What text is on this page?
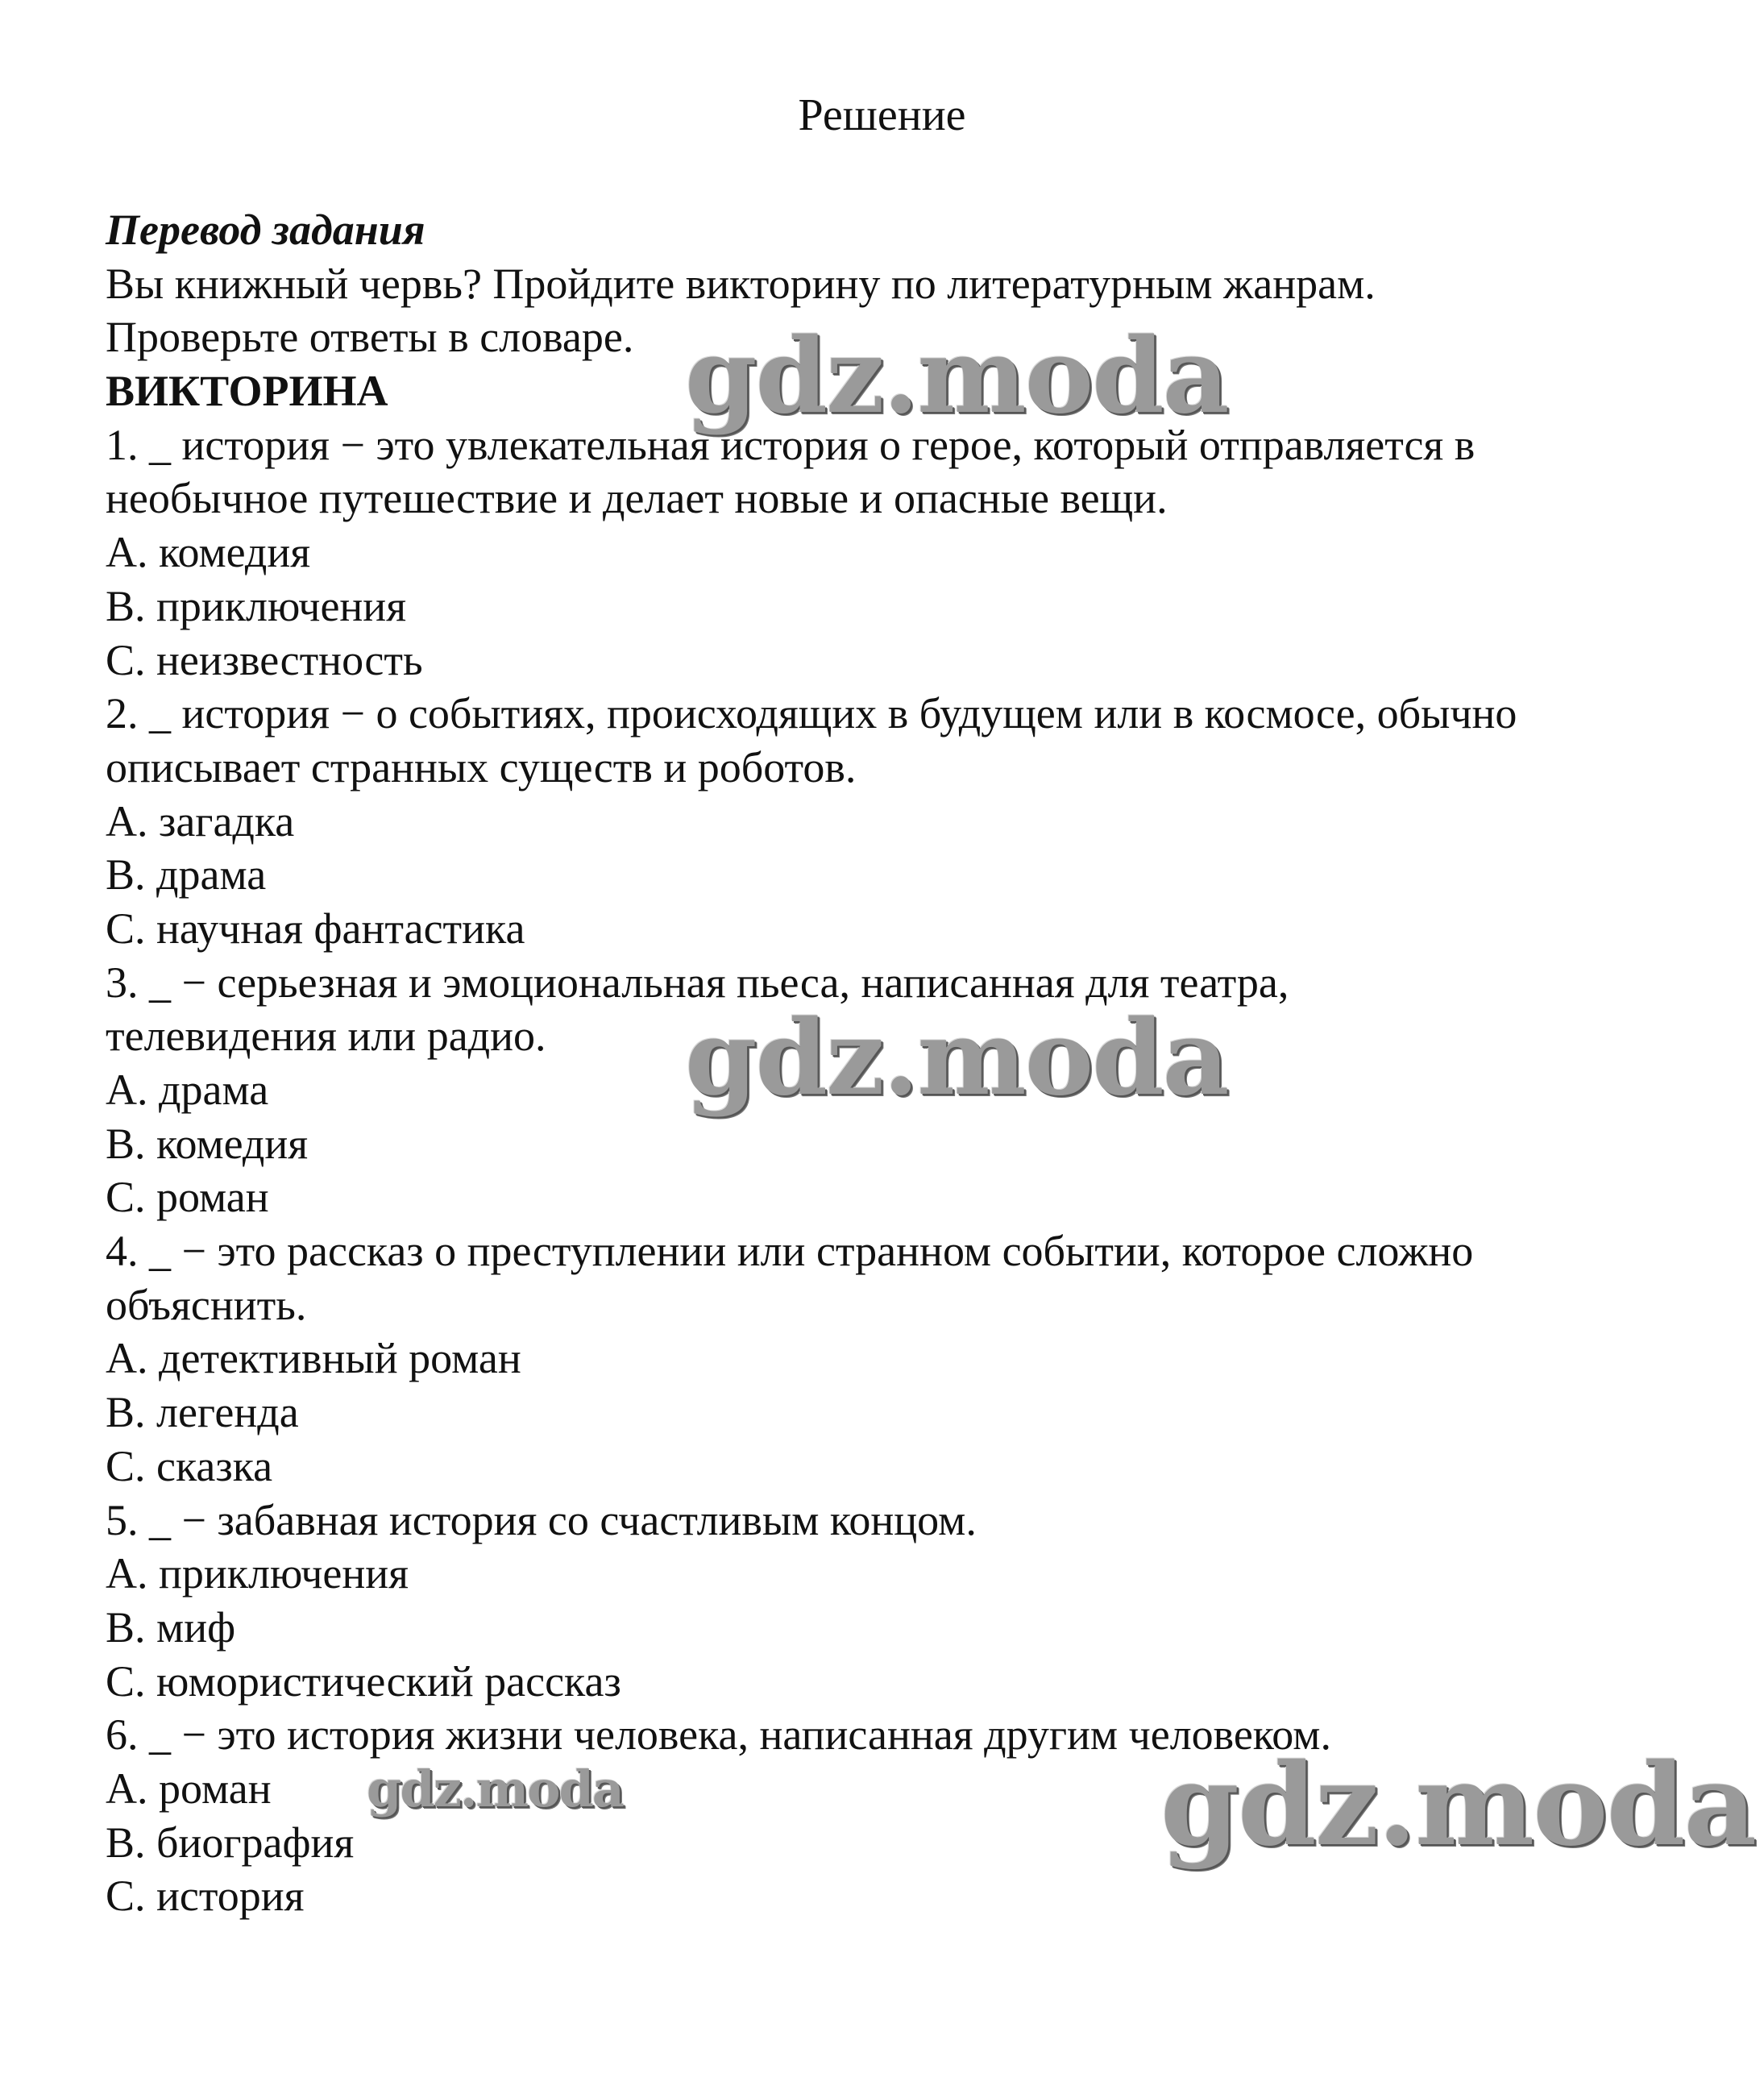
Решение
Перевод задания
Вы книжный червь? Пройдите викторину по литературным жанрам.
Проверьте ответы в словаре.
ВИКТОРИНА
1. _ история − это увлекательная история о герое, который отправляется в
необычное путешествие и делает новые и опасные вещи.
A. комедия
B. приключения
C. неизвестность
2. _ история − о событиях, происходящих в будущем или в космосе, обычно
описывает странных существ и роботов.
A. загадка
B. драма
C. научная фантастика
3. _ − серьезная и эмоциональная пьеса, написанная для театра,
телевидения или радио.
A. драма
B. комедия
C. роман
4. _ − это рассказ о преступлении или странном событии, которое сложно
объяснить.
A. детективный роман
B. легенда
C. сказка
5. _ − забавная история со счастливым концом.
A. приключения
B. миф
C. юмористический рассказ
6. _ − это история жизни человека, написанная другим человеком.
A. роман
B. биография
C. история
gdz.moda
gdz.moda
gdz.moda	gdz.moda
